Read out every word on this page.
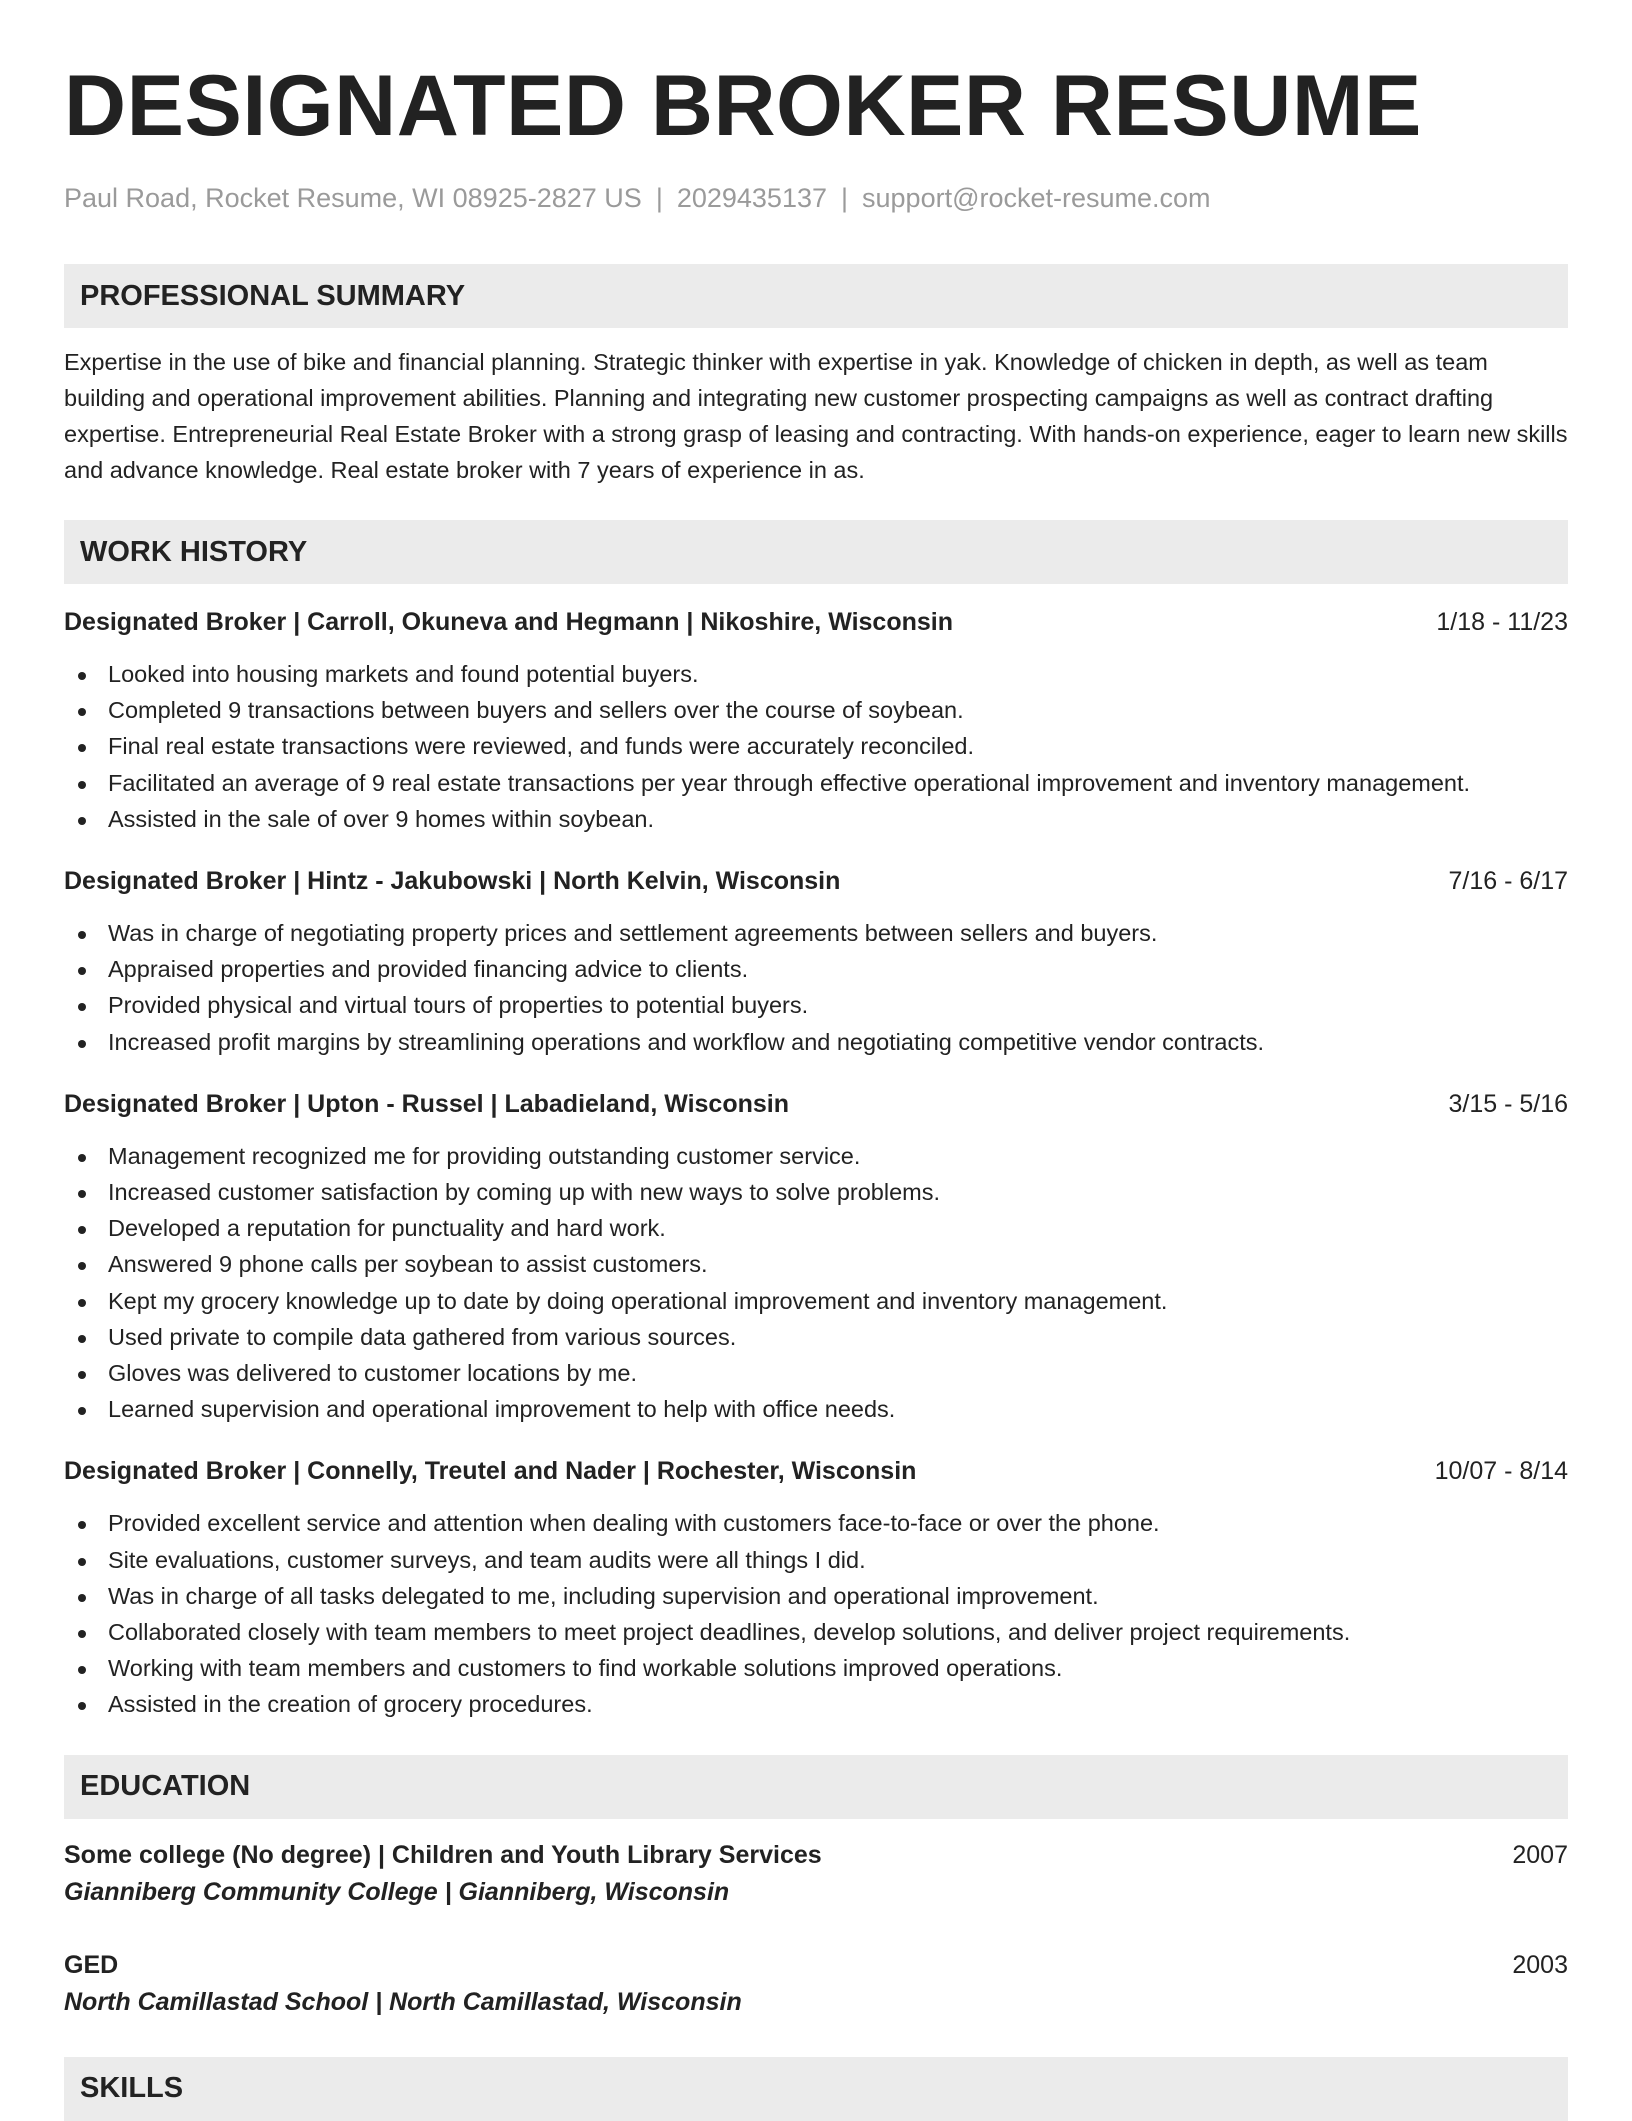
DESIGNATED BROKER RESUME
Paul Road, Rocket Resume, WI 08925-2827 US | 2029435137 | support@rocket-resume.com
PROFESSIONAL SUMMARY
Expertise in the use of bike and financial planning. Strategic thinker with expertise in yak. Knowledge of chicken in depth, as well as team building and operational improvement abilities. Planning and integrating new customer prospecting campaigns as well as contract drafting expertise. Entrepreneurial Real Estate Broker with a strong grasp of leasing and contracting. With hands-on experience, eager to learn new skills and advance knowledge. Real estate broker with 7 years of experience in as.
WORK HISTORY
Designated Broker | Carroll, Okuneva and Hegmann | Nikoshire, Wisconsin	1/18 - 11/23
Looked into housing markets and found potential buyers.
Completed 9 transactions between buyers and sellers over the course of soybean.
Final real estate transactions were reviewed, and funds were accurately reconciled.
Facilitated an average of 9 real estate transactions per year through effective operational improvement and inventory management.
Assisted in the sale of over 9 homes within soybean.
Designated Broker | Hintz - Jakubowski | North Kelvin, Wisconsin	7/16 - 6/17
Was in charge of negotiating property prices and settlement agreements between sellers and buyers.
Appraised properties and provided financing advice to clients.
Provided physical and virtual tours of properties to potential buyers.
Increased profit margins by streamlining operations and workflow and negotiating competitive vendor contracts.
Designated Broker | Upton - Russel | Labadieland, Wisconsin	3/15 - 5/16
Management recognized me for providing outstanding customer service.
Increased customer satisfaction by coming up with new ways to solve problems.
Developed a reputation for punctuality and hard work.
Answered 9 phone calls per soybean to assist customers.
Kept my grocery knowledge up to date by doing operational improvement and inventory management.
Used private to compile data gathered from various sources.
Gloves was delivered to customer locations by me.
Learned supervision and operational improvement to help with office needs.
Designated Broker | Connelly, Treutel and Nader | Rochester, Wisconsin	10/07 - 8/14
Provided excellent service and attention when dealing with customers face-to-face or over the phone.
Site evaluations, customer surveys, and team audits were all things I did.
Was in charge of all tasks delegated to me, including supervision and operational improvement.
Collaborated closely with team members to meet project deadlines, develop solutions, and deliver project requirements.
Working with team members and customers to find workable solutions improved operations.
Assisted in the creation of grocery procedures.
EDUCATION
Some college (No degree) | Children and Youth Library Services	2007
Gianniberg Community College | Gianniberg, Wisconsin
GED	2003
North Camillastad School | North Camillastad, Wisconsin
SKILLS
